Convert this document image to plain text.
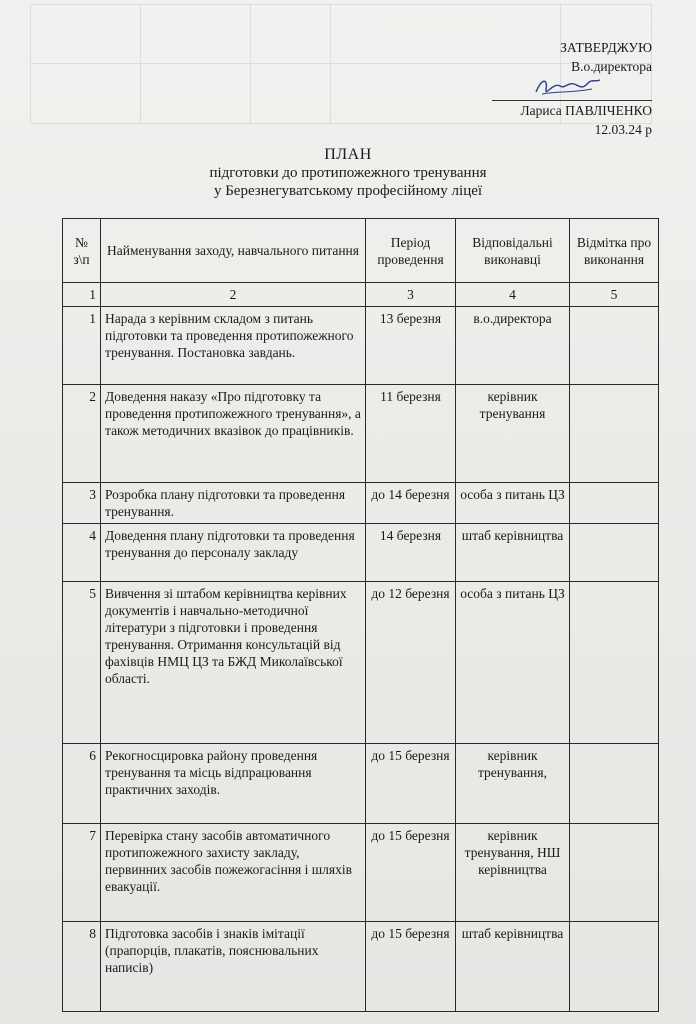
ЗАТВЕРДЖУЮ
В.о.директора
Лариса ПАВЛІЧЕНКО
12.03.24 р
ПЛАН
підготовки до протипожежного тренування
у Березнегуватському професійному ліцеї
№ з\п	Найменування заходу, навчального питання	Період проведення	Відповідальні виконавці	Відмітка про виконання
1	2	3	4	5
1	Нарада з керівним складом з питань підготовки та проведення протипожежного тренування. Постановка завдань.	13 березня	в.о.директора	
2	Доведення наказу «Про підготовку та проведення протипожежного тренування», а також методичних вказівок до працівників.	11 березня	керівник тренування	
3	Розробка плану підготовки та проведення тренування.	до 14 березня	особа з питань ЦЗ	
4	Доведення плану підготовки та проведення тренування до персоналу закладу	14 березня	штаб керівництва	
5	Вивчення зі штабом керівництва керівних документів і навчально-методичної літератури з підготовки і проведення тренування. Отримання консультацій від фахівців НМЦ ЦЗ та БЖД Миколаївської області.	до 12 березня	особа з питань ЦЗ	
6	Рекогносцировка району проведення тренування та місць відпрацювання практичних заходів.	до 15 березня	керівник тренування,	
7	Перевірка стану засобів автоматичного протипожежного захисту закладу, первинних засобів пожежогасіння і шляхів евакуації.	до 15 березня	керівник тренування, НШ керівництва	
8	Підготовка засобів і знаків імітації (прапорців, плакатів, пояснювальних написів)	до 15 березня	штаб керівництва	
